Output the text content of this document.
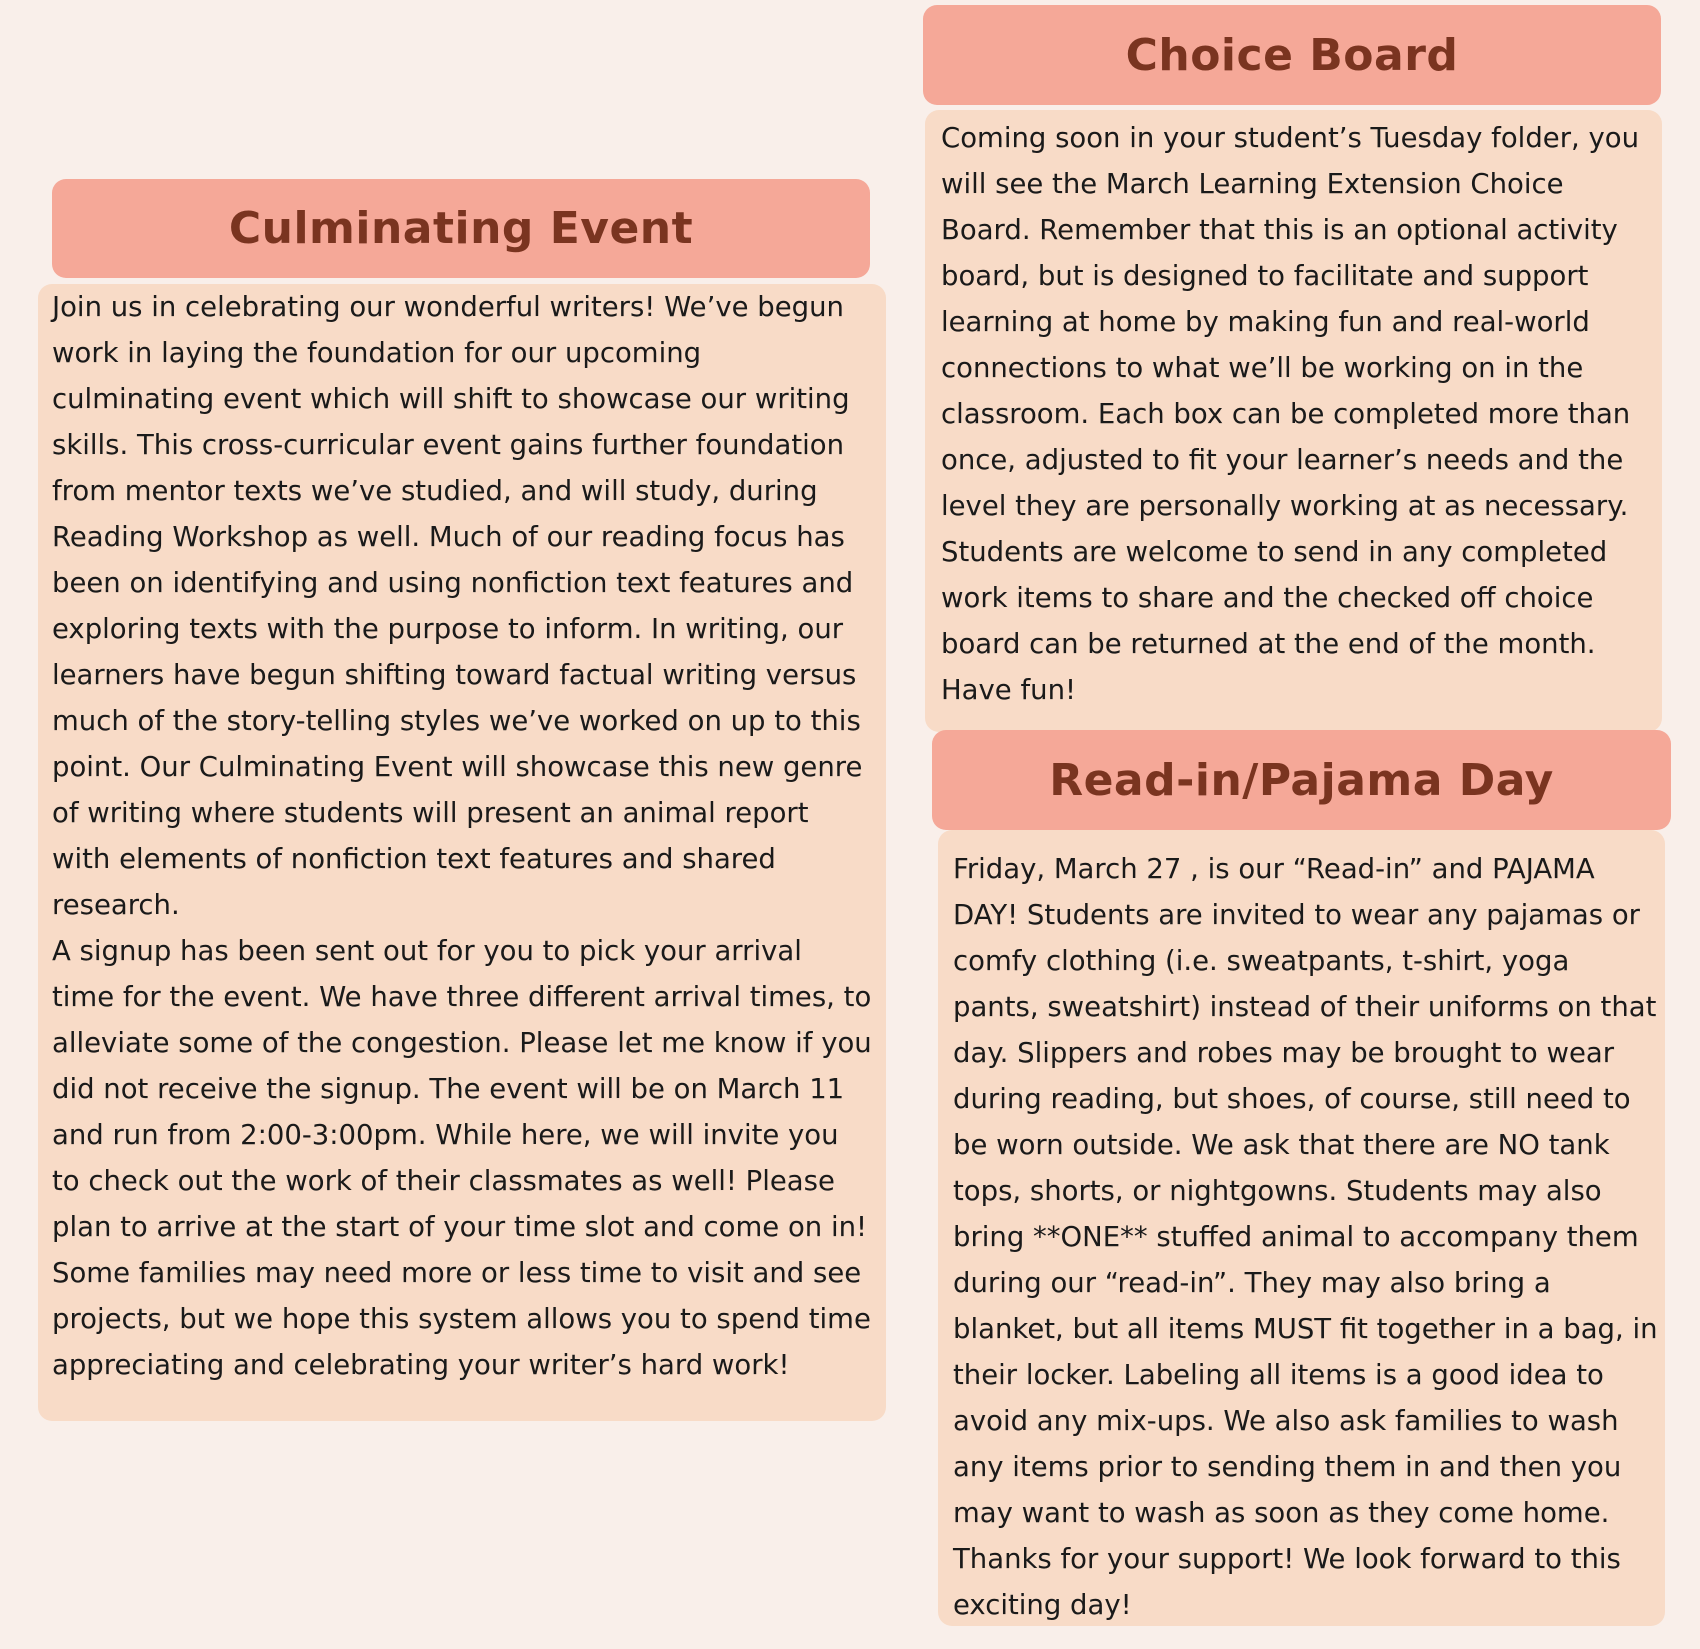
Culminating Event

Join us in celebrating our wonderful writers! We’ve begun work in laying the foundation for our upcoming culminating event which will shift to showcase our writing skills. This cross-curricular event gains further foundation from mentor texts we’ve studied, and will study, during Reading Workshop as well. Much of our reading focus has been on identifying and using nonfiction text features and exploring texts with the purpose to inform. In writing, our learners have begun shifting toward factual writing versus much of the story-telling styles we’ve worked on up to this point. Our Culminating Event will showcase this new genre of writing where students will present an animal report with elements of nonfiction text features and shared research.

A signup has been sent out for you to pick your arrival time for the event. We have three different arrival times, to alleviate some of the congestion. Please let me know if you did not receive the signup. The event will be on March 11 and run from 2:00-3:00pm. While here, we will invite you to check out the work of their classmates as well! Please plan to arrive at the start of your time slot and come on in! Some families may need more or less time to visit and see projects, but we hope this system allows you to spend time appreciating and celebrating your writer’s hard work!

Choice Board

Coming soon in your student’s Tuesday folder, you will see the March Learning Extension Choice Board. Remember that this is an optional activity board, but is designed to facilitate and support learning at home by making fun and real-world connections to what we’ll be working on in the classroom. Each box can be completed more than once, adjusted to fit your learner’s needs and the level they are personally working at as necessary. Students are welcome to send in any completed work items to share and the checked off choice board can be returned at the end of the month. Have fun!

Read-in/Pajama Day

Friday, March 27 , is our “Read-in” and PAJAMA DAY! Students are invited to wear any pajamas or comfy clothing (i.e. sweatpants, t-shirt, yoga pants, sweatshirt) instead of their uniforms on that day. Slippers and robes may be brought to wear during reading, but shoes, of course, still need to be worn outside. We ask that there are NO tank tops, shorts, or nightgowns. Students may also bring **ONE** stuffed animal to accompany them during our “read-in”. They may also bring a blanket, but all items MUST fit together in a bag, in their locker. Labeling all items is a good idea to avoid any mix-ups. We also ask families to wash any items prior to sending them in and then you may want to wash as soon as they come home. Thanks for your support! We look forward to this exciting day!
